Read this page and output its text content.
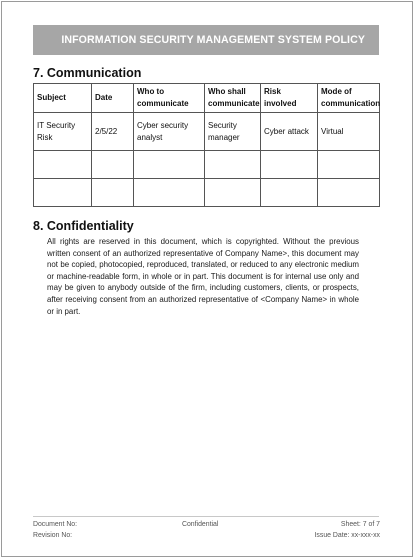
INFORMATION SECURITY MANAGEMENT SYSTEM POLICY
7. Communication
Subject	Date	Who to communicate	Who shall communicate	Risk involved	Mode of communication
IT Security Risk	2/5/22	Cyber security analyst	Security manager	Cyber attack	Virtual

8. Confidentiality
All rights are reserved in this document, which is copyrighted. Without the previous written consent of an authorized representative of Company Name>, this document may not be copied, photocopied, reproduced, translated, or reduced to any electronic medium or machine-readable form, in whole or in part. This document is for internal use only and may be given to anybody outside of the firm, including customers, clients, or prospects, after receiving consent from an authorized representative of <Company Name> in whole or in part.
Document No:
Revision No:
Confidential	Sheet: 7 of 7
Issue Date: xx-xxx-xx
